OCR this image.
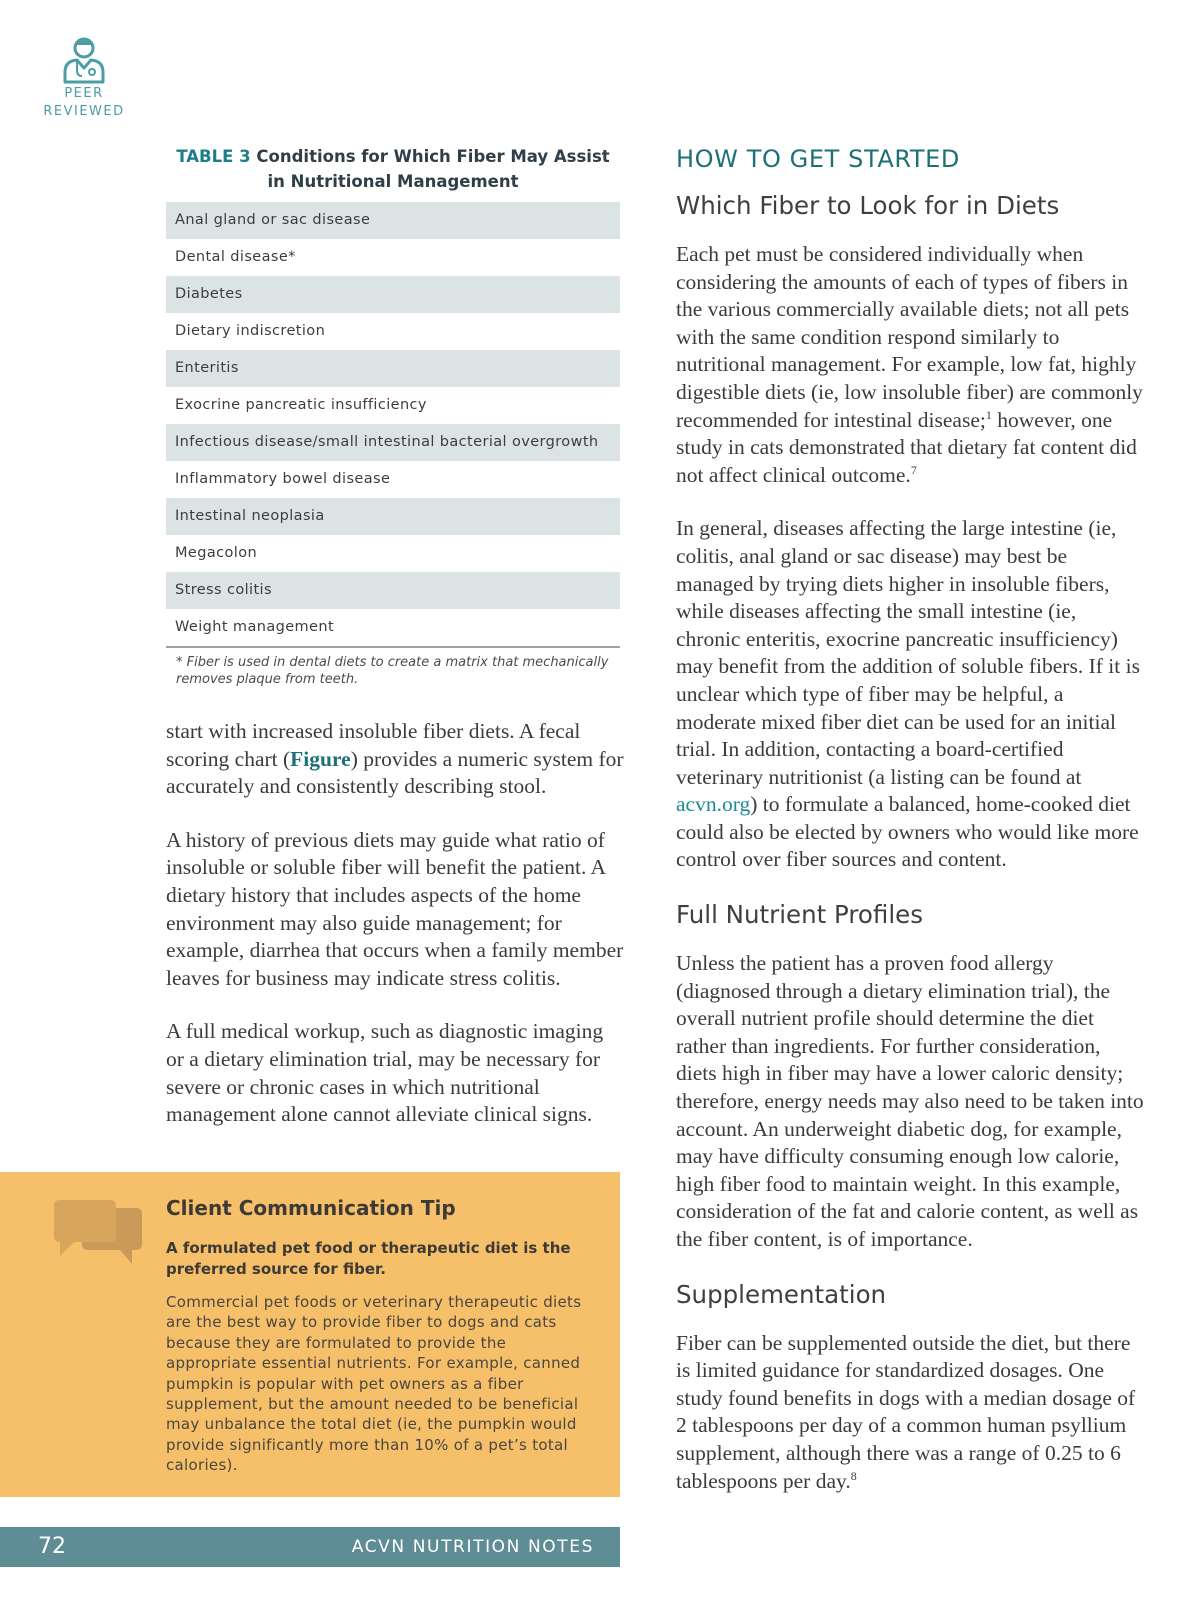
PEER
REVIEWED
TABLE 3 Conditions for Which Fiber May Assist in Nutritional Management
Anal gland or sac disease
Dental disease*
Diabetes
Dietary indiscretion
Enteritis
Exocrine pancreatic insufficiency
Infectious disease/small intestinal bacterial overgrowth
Inflammatory bowel disease
Intestinal neoplasia
Megacolon
Stress colitis
Weight management
* Fiber is used in dental diets to create a matrix that mechanically removes plaque from teeth.

start with increased insoluble fiber diets. A fecal scoring chart (Figure) provides a numeric system for accurately and consistently describing stool.

A history of previous diets may guide what ratio of insoluble or soluble fiber will benefit the patient. A dietary history that includes aspects of the home environment may also guide management; for example, diarrhea that occurs when a family member leaves for business may indicate stress colitis.

A full medical workup, such as diagnostic imaging or a dietary elimination trial, may be necessary for severe or chronic cases in which nutritional management alone cannot alleviate clinical signs.

Client Communication Tip

A formulated pet food or therapeutic diet is the preferred source for fiber.

Commercial pet foods or veterinary therapeutic diets are the best way to provide fiber to dogs and cats because they are formulated to provide the appropriate essential nutrients. For example, canned pumpkin is popular with pet owners as a fiber supplement, but the amount needed to be beneficial may unbalance the total diet (ie, the pumpkin would provide significantly more than 10% of a pet’s total calories).

72	ACVN NUTRITION NOTES
HOW TO GET STARTED
Which Fiber to Look for in Diets

Each pet must be considered individually when considering the amounts of each of types of fibers in the various commercially available diets; not all pets with the same condition respond similarly to nutritional management. For example, low fat, highly digestible diets (ie, low insoluble fiber) are commonly recommended for intestinal disease;$^1$ however, one study in cats demonstrated that dietary fat content did not affect clinical outcome.$^7$

In general, diseases affecting the large intestine (ie, colitis, anal gland or sac disease) may best be managed by trying diets higher in insoluble fibers, while diseases affecting the small intestine (ie, chronic enteritis, exocrine pancreatic insufficiency) may benefit from the addition of soluble fibers. If it is unclear which type of fiber may be helpful, a moderate mixed fiber diet can be used for an initial trial. In addition, contacting a board-certified veterinary nutritionist (a listing can be found at acvn.org) to formulate a balanced, home-cooked diet could also be elected by owners who would like more control over fiber sources and content.

Full Nutrient Profiles

Unless the patient has a proven food allergy (diagnosed through a dietary elimination trial), the overall nutrient profile should determine the diet rather than ingredients. For further consideration, diets high in fiber may have a lower caloric density; therefore, energy needs may also need to be taken into account. An underweight diabetic dog, for example, may have difficulty consuming enough low calorie, high fiber food to maintain weight. In this example, consideration of the fat and calorie content, as well as the fiber content, is of importance.

Supplementation

Fiber can be supplemented outside the diet, but there is limited guidance for standardized dosages. One study found benefits in dogs with a median dosage of 2 tablespoons per day of a common human psyllium supplement, although there was a range of 0.25 to 6 tablespoons per day.$^8$
